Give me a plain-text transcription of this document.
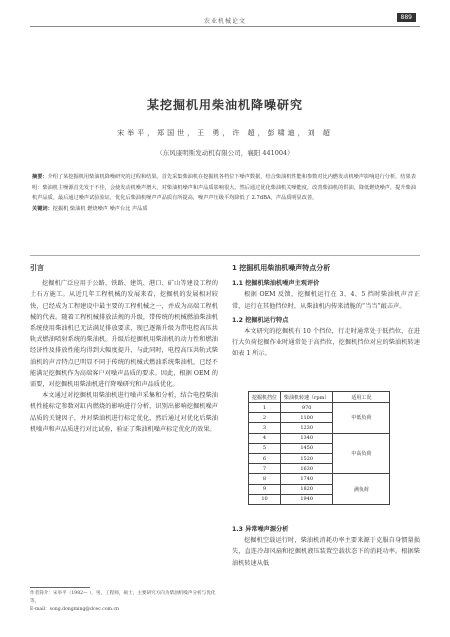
农业机械论文
889
某挖掘机用柴油机降噪研究
宋举平，郑国世，王 勇，许 超，彭啸迪，刘 超
（东风康明斯发动机有限公司，襄阳 441004）
摘要：介绍了某挖掘机用柴油机降噪研究的过程和结果。首先采集柴油机在挖掘机各档位下噪声数据，结合柴油机性能和参数对比内燃发动机噪声影响进行分析，结果表明：柴油机主噪源首先发于不佳，会使发动机噪声增大，对柴油机噪声和声品质影响很大。然后通过优化柴油机关噪能度，改善柴油机的供油，降低燃烧噪声，提升柴油机声品质。最后通过噪声试验验证，优化后柴油机噪声声品质有所提高，噪声声压级平均降低了 2.7dBA，声品质明显改善。
关键词：挖掘机 柴油机 燃烧噪声 噪声台比 声品质
引言

挖掘机广泛应用于公路、铁路、建筑、港口、矿山等建设工程的土石方施工。从近几年工程机械的发展来看，挖掘机的发展相对较快，已经成为工程建设中最主要的工程机械之一，并成为高端工程机械的代表。随着工程机械排放法规的升级，带传统的机械燃油柴油机系统使用柴油机已无法满足排放要求，现已逐渐升级为带电控高压共轨式燃油喷射系统的柴油机。升级后挖掘机用柴油机的动力性和燃油经济性及排放性能均得到大幅度提升，与此同时，电控高压共轨式柴油机的声音特点已明显不同于传统的机械式燃油系统柴油机，已经不能满足挖掘机作为高端客户对噪声品质的要求。因此，根据 OEM 的需要，对挖掘机用柴油机进行降噪研究和声品质优化。

本文通过对挖掘机用柴油机进行噪声采集和分析，结合电控柴油机性能标定参数对缸内燃烧的影响进行分析，识别出影响挖掘机噪声品质的关键因子，并对柴油机进行标定优化，然后通过对优化后柴油机噪声和声品质进行对比试验，验证了柴油机噪声标定优化的效果。

1 挖掘机用柴油机噪声特点分析
1.1 挖掘机柴油机噪声主观评价

根据 OEM 反馈，挖掘机运行在 3、4、5 挡时柴油机声音正常，运行在其他挡位时，从柴油机内传来清脆的“当当”敲击声。

1.2 挖掘机运行特点

本文研究的挖掘机有 10 个挡位，行走时通常处于低挡位，在进行大负荷挖掘作业时通常处于高挡位，挖掘机挡位对应的柴油机转速如表 1 所示。

挖掘机挡位	柴油机转速（rpm）	适用工况
1	970	中低负荷
2	1100	
3	1230	
4	1340	中高负荷
5	1450	
6	1520	
7	1630	
8	1740	满负荷
9	1820	
10	1940	
1.3 异常噪声源分析

挖掘机空载运行时，柴油机消耗功率主要来源于克服自身惯量损失，直连冷却风扇和挖掘机液压装置空载状态下的消耗功率。根据柴油机转速从低

作者简介：宋举平（1982— ），男，工程师，硕士，主要研究方向为柴油机噪声分析与优化等。
E-mail：song.dongming@dcec.com.cn
